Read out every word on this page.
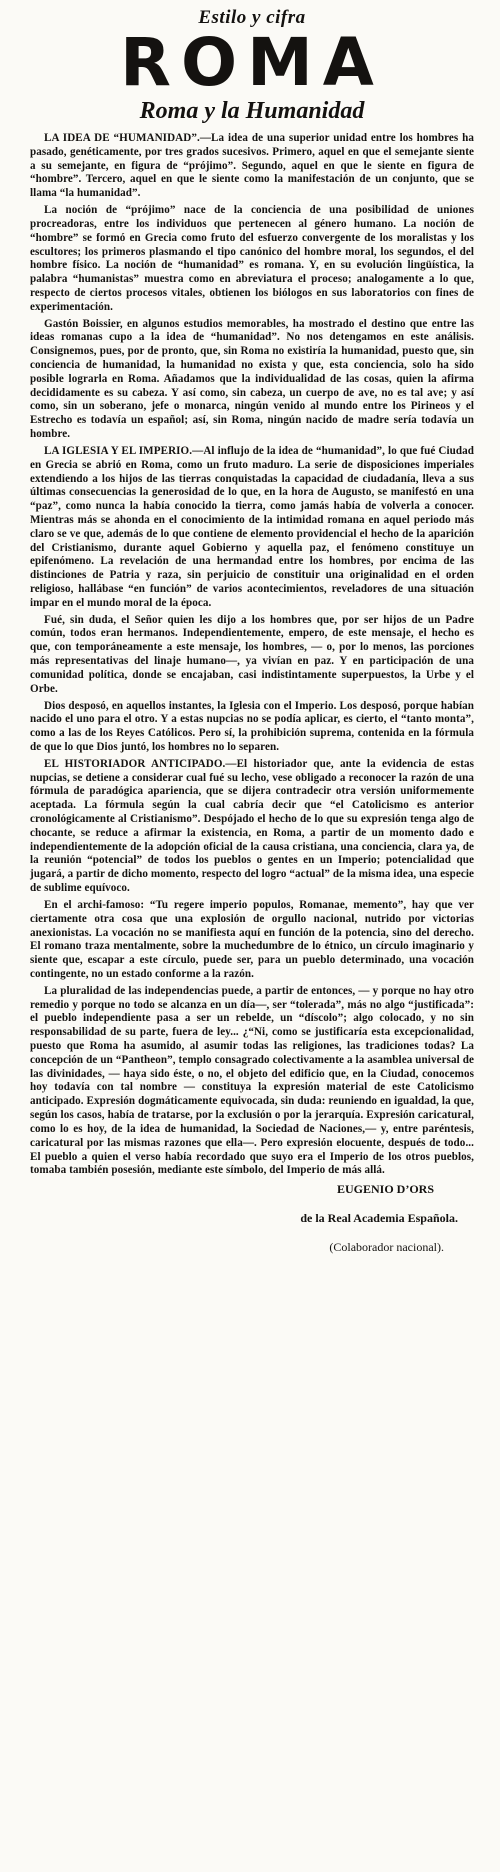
Estilo y cifra
ROMA
Roma y la Humanidad

LA IDEA DE “HUMANIDAD”.—La idea de una superior unidad entre los hombres ha pasado, genéticamente, por tres grados sucesivos. Primero, aquel en que el semejante siente a su semejante, en figura de “prójimo”. Segundo, aquel en que le siente en figura de “hombre”. Tercero, aquel en que le siente como la manifestación de un conjunto, que se llama “la humanidad”.

La noción de “prójimo” nace de la conciencia de una posibilidad de uniones procreadoras, entre los individuos que pertenecen al género humano. La noción de “hombre” se formó en Grecia como fruto del esfuerzo convergente de los moralistas y los escultores; los primeros plasmando el tipo canónico del hombre moral, los segundos, el del hombre físico. La noción de “humanidad” es romana. Y, en su evolución lingüística, la palabra “humanistas” muestra como en abreviatura el proceso; analogamente a lo que, respecto de ciertos procesos vitales, obtienen los biólogos en sus laboratorios con fines de experimentación.

Gastón Boissier, en algunos estudios memorables, ha mostrado el destino que entre las ideas romanas cupo a la idea de “humanidad”. No nos detengamos en este análisis. Consignemos, pues, por de pronto, que, sin Roma no existiría la humanidad, puesto que, sin conciencia de humanidad, la humanidad no exista y que, esta conciencia, solo ha sido posible lograrla en Roma. Añadamos que la individualidad de las cosas, quien la afirma decididamente es su cabeza. Y así como, sin cabeza, un cuerpo de ave, no es tal ave; y así como, sin un soberano, jefe o monarca, ningún venido al mundo entre los Pirineos y el Estrecho es todavía un español; así, sin Roma, ningún nacido de madre sería todavía un hombre.

LA IGLESIA Y EL IMPERIO.—Al influjo de la idea de “humanidad”, lo que fué Ciudad en Grecia se abrió en Roma, como un fruto maduro. La serie de disposiciones imperiales extendiendo a los hijos de las tierras conquistadas la capacidad de ciudadanía, lleva a sus últimas consecuencias la generosidad de lo que, en la hora de Augusto, se manifestó en una “paz”, como nunca la había conocido la tierra, como jamás había de volverla a conocer. Mientras más se ahonda en el conocimiento de la intimidad romana en aquel periodo más claro se ve que, además de lo que contiene de elemento providencial el hecho de la aparición del Cristianismo, durante aquel Gobierno y aquella paz, el fenómeno constituye un epifenómeno. La revelación de una hermandad entre los hombres, por encima de las distinciones de Patria y raza, sin perjuicio de constituir una originalidad en el orden religioso, hallábase “en función” de varios acontecimientos, reveladores de una situación impar en el mundo moral de la época.

Fué, sin duda, el Señor quien les dijo a los hombres que, por ser hijos de un Padre común, todos eran hermanos. Independientemente, empero, de este mensaje, el hecho es que, con temporáneamente a este mensaje, los hombres, — o, por lo menos, las porciones más representativas del linaje humano—, ya vivían en paz. Y en participación de una comunidad política, donde se encajaban, casi indistintamente superpuestos, la Urbe y el Orbe.

Dios desposó, en aquellos instantes, la Iglesia con el Imperio. Los desposó, porque habían nacido el uno para el otro. Y a estas nupcias no se podía aplicar, es cierto, el “tanto monta”, como a las de los Reyes Católicos. Pero sí, la prohibición suprema, contenida en la fórmula de que lo que Dios juntó, los hombres no lo separen.

EL HISTORIADOR ANTICIPADO.—El historiador que, ante la evidencia de estas nupcias, se detiene a considerar cual fué su lecho, vese obligado a reconocer la razón de una fórmula de paradógica apariencia, que se dijera contradecir otra versión uniformemente aceptada. La fórmula según la cual cabría decir que “el Catolicismo es anterior cronológicamente al Cristianismo”. Despójado el hecho de lo que su expresión tenga algo de chocante, se reduce a afirmar la existencia, en Roma, a partir de un momento dado e independientemente de la adopción oficial de la causa cristiana, una conciencia, clara ya, de la reunión “potencial” de todos los pueblos o gentes en un Imperio; potencialidad que jugará, a partir de dicho momento, respecto del logro “actual” de la misma idea, una especie de sublime equívoco.

En el archi-famoso: “Tu regere imperio populos, Romanae, memento”, hay que ver ciertamente otra cosa que una explosión de orgullo nacional, nutrido por victorias anexionistas. La vocación no se manifiesta aquí en función de la potencia, sino del derecho. El romano traza mentalmente, sobre la muchedumbre de lo étnico, un círculo imaginario y siente que, escapar a este círculo, puede ser, para un pueblo determinado, una vocación contingente, no un estado conforme a la razón.

La pluralidad de las independencias puede, a partir de entonces, — y porque no hay otro remedio y porque no todo se alcanza en un día—, ser “tolerada”, más no algo “justificada”: el pueblo independiente pasa a ser un rebelde, un “díscolo”; algo colocado, y no sin responsabilidad de su parte, fuera de ley... ¿“Ni, como se justificaría esta excepcionalidad, puesto que Roma ha asumido, al asumir todas las religiones, las tradiciones todas? La concepción de un “Pantheon”, templo consagrado colectivamente a la asamblea universal de las divinidades, — haya sido éste, o no, el objeto del edificio que, en la Ciudad, conocemos hoy todavía con tal nombre — constituya la expresión material de este Catolicismo anticipado. Expresión dogmáticamente equivocada, sin duda: reuniendo en igualdad, la que, según los casos, había de tratarse, por la exclusión o por la jerarquía. Expresión caricatural, como lo es hoy, de la idea de humanidad, la Sociedad de Naciones,— y, entre paréntesis, caricatural por las mismas razones que ella—. Pero expresión elocuente, después de todo... El pueblo a quien el verso había recordado que suyo era el Imperio de los otros pueblos, tomaba también posesión, mediante este símbolo, del Imperio de más allá.

EUGENIO D’ORS
de la Real Academia Española.
(Colaborador nacional).
